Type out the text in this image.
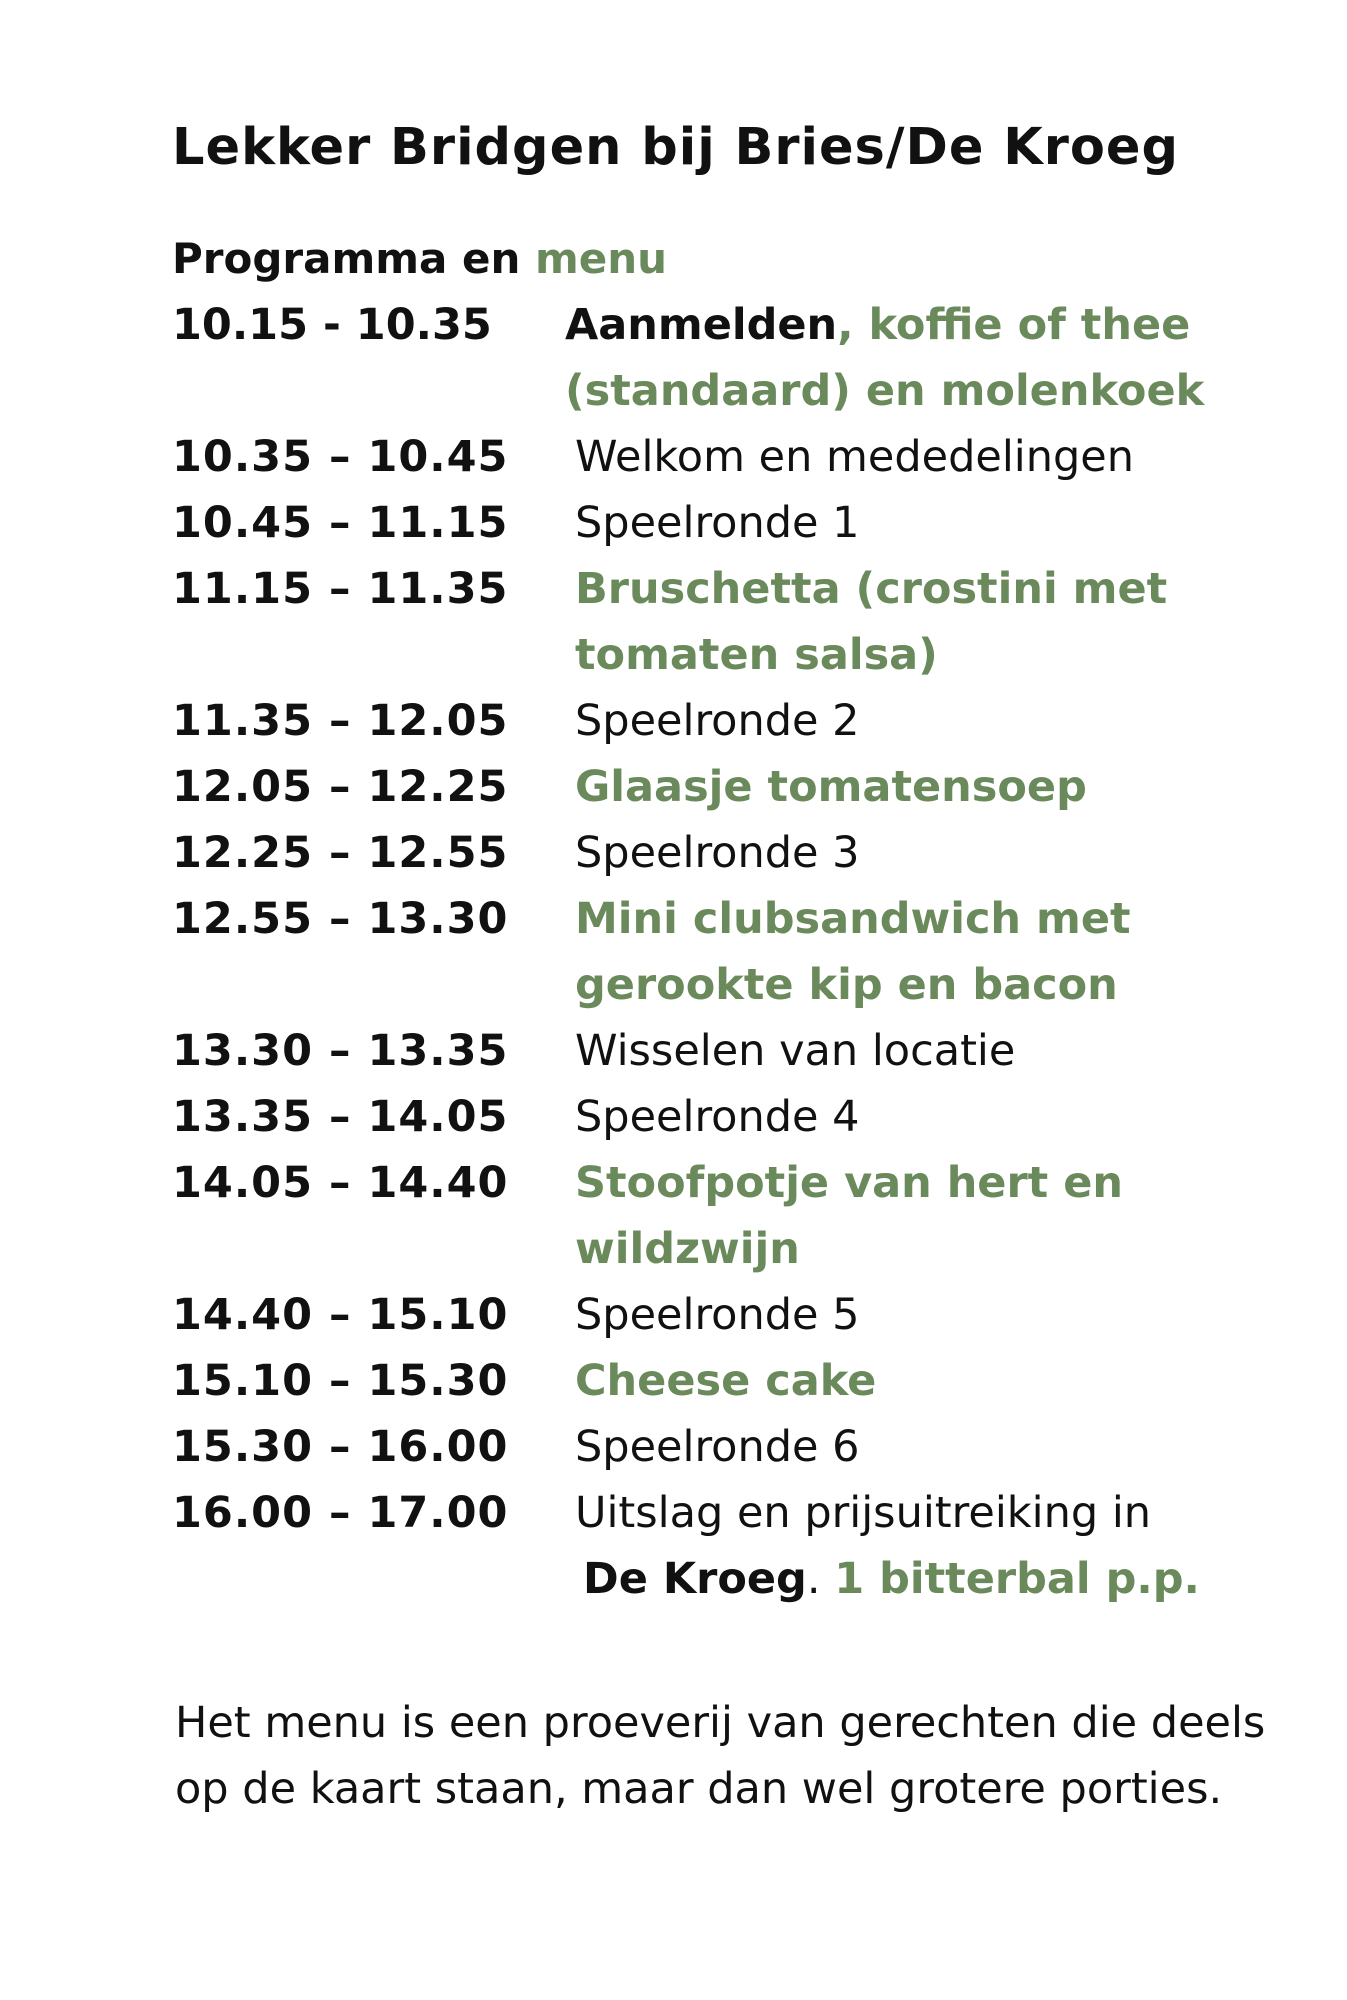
Lekker Bridgen bij Bries/De Kroeg
Programma en menu
10.15 - 10.35 Aanmelden, koffie of thee
(standaard) en molenkoek
10.35 – 10.45 Welkom en mededelingen
10.45 – 11.15 Speelronde 1
11.15 – 11.35 Bruschetta (crostini met
tomaten salsa)
11.35 – 12.05 Speelronde 2
12.05 – 12.25 Glaasje tomatensoep
12.25 – 12.55 Speelronde 3
12.55 – 13.30 Mini clubsandwich met
gerookte kip en bacon
13.30 – 13.35 Wisselen van locatie
13.35 – 14.05 Speelronde 4
14.05 – 14.40 Stoofpotje van hert en
wildzwijn
14.40 – 15.10 Speelronde 5
15.10 – 15.30 Cheese cake
15.30 – 16.00 Speelronde 6
16.00 – 17.00 Uitslag en prijsuitreiking in
De Kroeg. 1 bitterbal p.p.
Het menu is een proeverij van gerechten die deels op de kaart staan, maar dan wel grotere porties.
